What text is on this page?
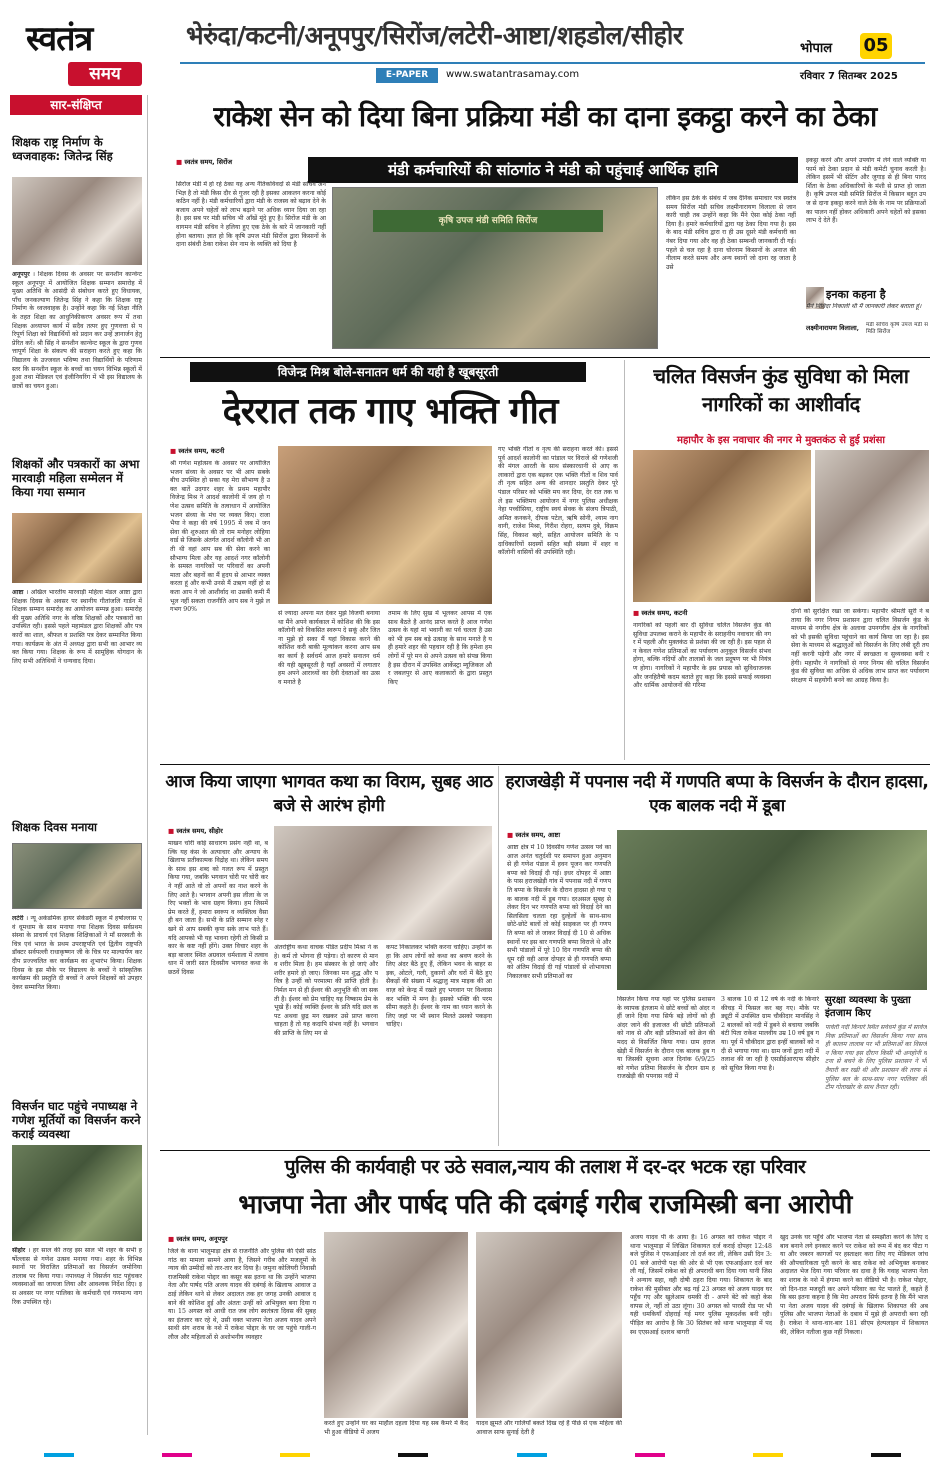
स्वतंत्र
समय
भेरुंदा/कटनी/अनूपपुर/सिरोंज/लटेरी-आष्टा/शहडोल/सीहोर
E-PAPER	www.swatantrasamay.com
भोपाल 05
रविवार 7 सितम्बर 2025
सार-संक्षिप्त
शिक्षक राष्ट्र निर्माण के ध्वजवाहक: जितेन्द्र सिंह
अनूपपुर । शिक्षक दिवस के अवसर पर सनशीन कान्वेन्ट स्कूल अनूपपुर में आयोजित शिक्षक सम्मान समारोह में मुख्य अतिथि के आसंदी से संबोधन करते हुए विधायक, पाँच जनकल्याण जितेन्द्र सिंह ने कहा कि शिक्षक राष्ट्र निर्माण के ध्वजवाहक है। उन्होंने कहा कि नई शिक्षा नीति के तहत शिक्षा का आधुनिकीकरण अवसर रूप में तथा शिक्षक अध्यापन कार्य में सदैव तत्पर हुए गुणवत्ता से परिपूर्ण शिक्षा को विद्यार्थियों को प्रदान कर उन्हें ज्ञानार्जन हेतु प्रेरित करें। श्री सिंह ने सनशीन कान्वेन्ट स्कूल के द्वारा गुणवत्तापूर्ण शिक्षा के संकल्प की सराहना करते हुए कहा कि विद्यालय के उज्जवल भविष्य तथा विद्यार्थियों के परिणाम स्तर कि सनशीन स्कूल के बच्चों का चयन विभिन्न स्कूलों में हुआ तथा मेडिकल एवं इंजीनियरिंग में भी इस विद्यालय के छात्रों का चयन हुआ।
शिक्षकों और पत्रकारों का अभा मारवाड़ी महिला सम्मेलन में किया गया सम्मान
आष्टा । अखिल भारतीय मारवाड़ी महिला मंडल आष्टा द्वारा शिक्षक दिवस के अवसर पर स्थानीय गीतांजलि गार्डन में शिक्षक सम्मान समारोह का आयोजन सम्पन्न हुआ। समारोह की मुख्य अतिथि नगर के वरिष्ठ शिक्षकों और पत्रकारों का उपस्थित रही। इससे पहले महामंडल द्वारा शिक्षकों और पत्रकारों का शाल, श्रीफल व प्रशस्ति पत्र देकर सम्मानित किया गया। कार्यक्रम के अंत में अध्यक्ष द्वारा सभी का आभार व्यक्त किया गया। शिक्षक के रूप में सामूहिक योगदान के लिए सभी अतिथियों ने धन्यवाद दिया।
शिक्षक दिवस मनाया
लटेरी । न्यू अकेडमिक हायर सेकेंडरी स्कूल में हर्षोल्लास एवं धूमधाम के साथ मनाया गया शिक्षक दिवस सर्वप्रथम संस्था के प्राचार्य एवं शिक्षक शिक्षिकाओं ने माँ सरस्वती के चित्र एवं भारत के प्रथम उपराष्ट्रपति एवं द्वितीय राष्ट्रपति डॉक्टर सर्वपल्ली राधाकृष्णन जी के चित्र पर माल्यार्पण कर दीप प्रज्ज्वलित कर कार्यक्रम का शुभारंभ किया। शिक्षक दिवस के इस मौके पर विद्यालय के बच्चों ने सांस्कृतिक कार्यक्रम की प्रस्तुति दी बच्चों ने अपने शिक्षकों को उपहार देकर सम्मानित किया।
विसर्जन घाट पहुंचे नपाध्यक्ष ने गणेश मूर्तियों का विसर्जन करने कराई व्यवस्था
सीहोर । हर साल की तरह इस साल भी शहर के सभी हर्षोल्लास से गणेश उत्सव मनाया गया। शहर के विभिन्न स्थानों पर विराजित प्रतिमाओं का विसर्जन जमोनिया तालाब पर किया गया। नपाध्यक्ष ने विसर्जन घाट पहुंचकर व्यवस्थाओं का जायजा लिया और आवश्यक निर्देश दिए। इस अवसर पर नगर पालिका के कर्मचारी एवं गणमान्य नागरिक उपस्थित रहे।
राकेश सेन को दिया बिना प्रक्रिया मंडी का दाना इकट्ठा करने का ठेका
मंडी कर्मचारियों की सांठगांठ ने मंडी को पहुंचाई आर्थिक हानि
■ स्वतंत्र समय, सिरोंज
सिरोंज मंडी में हो रहे ठेका यह अन्य नैतिकविवदों से मंडी सचिव अनभिज्ञ है तो मंडी किस दौर से गुजर रही है इसका आकलन करना कोई कठिन नहीं है। मंडी कर्मचारियों द्वारा मंडी के राजस्व को बढ़ाव देने के बजाय अपने चहेतों को लाभ बढ़ाने पर अधिक ध्यान दिया जा रहा है। इस सब पर मंडी सचिव भी आँखें मूंदे हुए है। सिरोंज मंडी के आवागमन मंडी सचिव ने हलिया हुए एक ठेके के बारे में जानकारी नहीं होना बताया। ज्ञात हो कि कृषि उपज मंडी सिरोंज द्वारा किसानों के दाना संबंधी ठेका राकेश सेन नाम के व्यक्ति को दिया है
कृषि उपज मंडी समिति सिरोंज
लेकिन इस ठेके के संबंध में जब दैनिक समाचार पत्र स्वतंत्र समय सिरोंज मंडी सचिव लक्ष्मीनारायण विलाला से जानकारी चाही तब उन्होंने कहा कि मैंने ऐसा कोई ठेका नहीं दिया है। हमारे कर्मचारियों द्वारा यह ठेका दिया गया है। इसके बाद मंडी सचिव द्वारा रा ही उस दूसरे मंडी कर्मचारी का नंबर दिया गया और वह ही ठेका सम्बन्धी जानकारी दी गई। पहले से चल रहा है दाना चोरनाम किसानों के अनाज की नीलाम करते समय और अन्य स्थानों जो दाना रह जाता है उसे
इकट्ठा करने और अपने उपयोग में लेने वाले व्यक्ति या फार्म को ठेका प्रदान से मंडी कमेटी चुनाव करती है। लेकिन इसमें भी सेटिंग और जुगाड़ से ही बिना पारदर्शिता के ठेका अधिकारियों के मंशी से प्राप्त हो जाता है। कृषि उपज मंडी समिति सिरोंज में किसान बहुत उपज से दाना इकट्ठा करने वाले ठेके के नाम पर प्रक्रियाओं का पालन नहीं होकर अधिकारी अपने चहेतों को इसका लाभ दे देते हैं।
इनका कहना है
मैंने निविदा निकाली थी मैं जानकारी लेकर बताता हूं।
लक्ष्मीनारायण विलाला, मंडी सचिव कृषि उपज मंडी समिति सिरोंज
विजेन्द्र मिश्र बोले-सनातन धर्म की यही है खूबसूरती
देररात तक गाए भक्ति गीत
■ स्वतंत्र समय, कटनी
श्री गणेश महोत्सव के अवसर पर आयोजित भजन संध्या के अवसर पर भी आप सबके बीच उपस्थित हो सका यह मेरा सौभाग्य है उक्त बातें उदगार शहर के प्रथम महापौर विजेन्द्र मिश्र ने आदर्श कालोनी में जय हो गणेश उत्सव समिति के तत्वाधान में आयोजित भजन संध्या के मंच पर व्यक्त किए। राजा भैया ने कहा की वर्ष 1995 में जब में जनसेवा की शुरुआत की तो राम मनोहर लोहिया वार्ड से जिसके अंतर्गत आदर्श कॉलोनी भी आती थी वहां आप सब की सेवा करने का सौभाग्य मिला और यह आदर्श नगर कॉलोनी के समस्त नागरिकों पर परिवारों का अपनी माता और बहनों का मैं हृदय से आभार व्यक्त करता हूं और कभी उनसे मैं उऋण नहीं हो सकता आप ने जो आशीर्वाद था उसकी कमी मैं भूल नहीं सकता राजनीति आप सब ने मुझे लगभग 90%
से ज्यादा अपना मत देकर मुझे विजयी बनाया था मैंने अपने कार्यकाल में कोशिश की कि इस कॉलोनी को विकसित स्वरूप दे सकूं और जितना मुझे हो सका मैं यहां विकास करने की कोशिश करी बाकी मूल्यांकन करना आप सबका कार्य है सर्वधर्म आज हमारे सनातन धर्म की यही खूबसूरती है यहाँ अवसरों में लगातार हम अपने आराध्यों का देवी देवताओं का उत्सव मनाते है
तमाम के लिए सुख में भूलकर आपस में एक साथ बैठते है आनंद प्राप्त करते है आज गणेश उत्सव के यहां मां भवानी का पर्व चलता है उसको भी हम सब बड़े उत्साह के साथ मनाते है यही हमारे शहर की पहचान रही है कि हमेशा हम लोगों में पूरे मन से अपने उत्सव को संपन्न किया है इस दौरान में उपस्थित आर्केस्ट्रा म्यूजिकल और जबलपुर से आए कलाकारों के द्वारा प्रस्तुत किए
गए भक्ति गीतों व नृत्य की सराहना करते की। इससे पूर्व आदर्श कालोनी का पांडाल पर विराजे श्री गणेशजी की मंगल आरती के साथ संस्कारधानी से आए कलाकारों द्वारा एक बढ़कर एक भक्ति गीतों व शिव पार्वती नृत्य सहित अन्य की शानदार प्रस्तुति देकर पूरे पंडाल परिसर को भक्ति मय कर दिया, देर रात तक चले इस भक्तिमय आयोजन में नगर पुलिस अधीक्षक नेहा पच्चीसिया, राष्ट्रीय स्वयं सेवक के संजय त्रिपाठी, अमित कनकने, दीपक पटेल, ऋषि सोनी, श्याम नागवानी, राजेश मिश्रा, गिरीश रोहरा, सत्यम दुबे, विक्रम सिंह, विकाश बहरे, सहित आयोजन समिति के पदाधिकारियों सदस्यों सहित बड़ी संख्या में शहर व कॉलोनी वासियों की उपस्थिति रही।
चलित विसर्जन कुंड सुविधा को मिला नागरिकों का आशीर्वाद
महापौर के इस नवाचार की नगर मे मुक्तकंठ से हुई प्रशंसा
■ स्वतंत्र समय, कटनी
नागरिकों को पहली बार दी सुविधा चलित विसर्जन कुंड की सुविधा उपलब्ध कराने के महापौर के सराहनीय नवाचार की नगर में पहली और मुक्तकंठ से प्रशंसा की जा रही है। इस पहल से न केवल गणेश प्रतिमाओं का पर्यावरण अनुकूल विसर्जन संभव होगा, बल्कि नदियों और तालाबों के जल प्रदूषण पर भी नियंत्रण होगा। नागरिकों ने महापौर के इस प्रयास को सुविधाजनक और जनहितैषी कदम बताते हुए कहा कि इससे सफाई व्यवस्था और धार्मिक आयोजनों की गरिमा
दोनों को सुरक्षित रखा जा सकेगा। महापौर श्रीमती सूरी ने बताया कि नगर निगम प्रशासन द्वारा चलित विसर्जन कुंड के माध्यम से नगरीय क्षेत्र के अलावा उपनगरीय क्षेत्र के नागरिकों को भी इसकी सुविधा पहुंचाने का कार्य किया जा रहा है। इस सेवा के माध्यम से श्रद्धालुओं को विसर्जन के लिए लंबी दूरी तय नहीं करनी पड़ेगी और नगर में स्वच्छता व सुव्यवस्था बनी रहेगी। महापौर ने नागरिकों से नगर निगम की चलित विसर्जन कुंड की सुविधा का अधिक से अधिक लाभ प्राप्त कर पर्यावरण संरक्षण में सहयोगी बनने का आग्रह किया है।
आज किया जाएगा भागवत कथा का विराम, सुबह आठ बजे से आरंभ होगी
■ स्वतंत्र समय, सीहोर
माखन चोरी कोई साधारण प्रसंग नहीं था, बल्कि यह कंस के अत्याचार और अन्याय के खिलाफ प्रतीकात्मक विद्रोह था। लेकिन समय के साथ इस शब्द को गलत रूप में प्रस्तुत किया गया, जबकि भगवान चोरी पर चोरी करने नहीं आते वो तो अपनों का नाश करने के लिए आते है। भगवान अपनी इस लीला के जरिए भक्तों के भाव ग्रहण किया। हम जिसमें प्रेम करते हैं, हमारा स्वरूप व व्यक्तित्व वैसा ही बन जाता है। सभी के प्रति सम्मान स्नेह रखने से आप सबकी कृपा सके लाभ पाते हैं। यदि आपको भी यह भावना रहेगी तो किसी प्रकार के कष्ट नहीं होंगे। उक्त विचार शहर के बड़ा बाजार स्थित अग्रवाल धर्मशाला में तत्वावधान में जारी सात दिवसीय भागवत कथा के छठवें दिवस
अंतर्राष्ट्रीय कथा वाचक पंडित प्रदीप मिश्रा ने कहे। कर्म तो भोगना ही पड़ेगा। दो कारण से मानव शरीर मिला है। हम संस्कार के हो जाएं और शरीर हमारे हो जाए। जिनका मन शुद्ध और पवित्र है उन्हीं को परमात्मा की प्राप्ति होती है। निर्मल मन से ही ईश्वर की अनुभूति की जा सकती है। ईश्वर को प्रेम चाहिए यह निष्काम प्रेम के भूखे हैं। कोई व्यक्ति ईश्वर के प्रति यदि छल कपट अथवा छुद्र मन रखकर उसे प्राप्त करना चाहता है तो यह कदापि संभव नहीं है। भगवान की प्राप्ति के लिए मन से
कपट निकालकर भक्ति करना चाहिए। उन्होंने कहा कि आप लोगों को कथा का श्रवण करने के लिए अंदर बैठे हुए हैं, लेकिन भवन के बाहर सड़क, ओटले, गली, दुकानों और घरों में बैठे हुए सैकड़ों की संख्या में श्रद्धालु मात्र माइक की आवाज़ को केन्द्र में रखते हुए भगवान पर विश्वास कर भक्ति में मग्न है। इसको भक्ति की परम सीमा कहते है। ईश्वर के नाम का ध्यान करने के लिए जहां पर भी स्थान मिलते उसको पकड़ना चाहिए।
हराजखेड़ी में पपनास नदी में गणपति बप्पा के विसर्जन के दौरान हादसा, एक बालक नदी में डूबा
■ स्वतंत्र समय, आष्टा
आष्टा क्षेत्र में 10 दिवसीय गणेश उत्सव पर्व का आज अनंत चतुर्दशी पर समापन हुआ अनुमान से ही गणेश पंडाल में हवन पूजन कर गणपति बप्पा को विदाई दी गई। इधर दोपहर में आष्टा के पास हराजखेड़ी गांव में पपनास नदी में गणपति बप्पा के विसर्जन के दौरान हादसा हो गया एक बालक नदी में डूब गया। दरअसल सुबह से लेकर दिन भर गणपति बप्पा को विदाई देने का सिलसिला चलता रहा दुल्हेलों के साथ-साथ छोटे-छोटे बालों तो कोई साइकल पर ही गणपति बप्पा को ले जाकर विदाई दी 10 से अधिक स्थानों पर इस बार गणपति बप्पा विराजे थे और सभी पांडालों में पूरे 10 दिन गणपति बप्पा की धूम रही वही आज दोपहर से ही गणपति बप्पा को अंतिम विदाई दी गई पांडालों से शोभायात्रा निकालकर सभी प्रतिमाओं का
विसर्जन किया गया यहां पर पुलिस प्रशासन के व्यापक इंतजाम थे छोटे बच्चों को अंदर नहीं जाने दिया गया सिर्फ बड़े लोगों को ही अंदर जाने की इजाजत थी छोटी प्रतिमाओं को नाव से और बड़ी प्रतिमाओं को क्रेन की मदद से विसर्जित किया गया। ग्राम हराजखेड़ी में विसर्जन के दौरान एक बालक डूब गया जिसकी सूचना आज दिनांक 6/9/25 को गणेश प्रतिमा विसर्जन के दौरान ग्राम हराजखेड़ी की पपनास नदी में
3 बालक 10 से 12 वर्ष के नदी के किनारे कीचड़ में फिसल कर बह गए। मौके पर ड्यूटी में उपस्थित ग्राम चौकीदार मानसिंह ने 2 बालकों को नदी में डूबने से बचाया जबकि बंटी पिता राकेश मालवीय उम्र 10 वर्ष डूब गया। पूर्व में चौकीदार द्वारा इन्हीं बालकों को नदी से भगाया गया था। ग्राम जनों द्वारा नदी में तलाश की जा रही है एसडीईआरएफ सीहोर को सूचित किया गया है।
सुरक्षा व्यवस्था के पुख्ता इंतजाम किए
पार्वती नदी किनारे स्थित सर्वधर्म कुंड में सार्वजनिक प्रतिमाओं का विसर्जन किया गया साथ ही कालम तालाब पर भी प्रतिमाओं का विसर्जन किया गया इस दौरान किसी भी अनहोनी घटना से बचने के लिए पुलिस प्रशासन ने भी तैयारी कर रखी थी और प्रशासन की तरफ से पुलिस बल के साथ-साथ नगर पालिका की टीम गोताखोर के साथ तैनात रही।
पुलिस की कार्यवाही पर उठे सवाल,न्याय की तलाश में दर-दर भटक रहा परिवार
भाजपा नेता और पार्षद पति की दबंगई गरीब राजमिस्त्री बना आरोपी
■ स्वतंत्र समय, अनूपपुर
जिले के थाना भालूमाड़ा क्षेत्र से राजनीति और पुलिस की ऐसी सांठगांठ का मामला सामने आया है, जिसने गरीब और मजलूमों के न्याय की उम्मीदों को तार-तार कर दिया है। जमुना कोलियरी निवासी राजमिस्त्री राकेश पोद्दार का कसूर बस इतना था कि उन्होंने भाजपा नेता और पार्षद पति अजय यादव की दबंगई के खिलाफ आवाज उठाई लेकिन थाने से लेकर अदालत तक हर जगह उनकी आवाज दबाने की कोशिश हुई और अंततः उन्हीं को अभियुक्त बना दिया गया। 15 अगस्त को आधी रात जब लोग स्वतंत्रता दिवस की सुबह का इंतजार कर रहे थे, उसी वक्त भाजपा नेता अजय यादव अपने साथी संग शराब के नशे में राकेश पोद्दार के घर जा पहुंचे गाली-गलौज और महिलाओं से अशोभनीय व्यवहार
करते हुए उन्होंने घर का माहौल दहला दिया यह सब कैमरे में कैद भी हुआ वीडियो में अजय
यादव झूमते और गालियाँ बकते दिख रहे हैं पीछे से एक महिला की आवाज साफ सुनाई देती है
अजय यादव पी के आया है। 16 अगस्त को राकेश पोद्दार ने थाना भालूमाड़ा में लिखित शिकायत दर्ज कराई दोपहर 12:48 बजे पुलिस ने एफआईआर तो दर्ज कर ली, लेकिन उसी दिन 3:01 बजे आरोपी पक्ष की ओर से भी एक एफआईआर दर्ज कर ली गई, जिसमें राकेश को ही अपराधी बना दिया गया यानी जिसने अन्याय सहा, वही दोषी ठहरा दिया गया। शिकायत के बाद राकेश की मुसीबत और बढ़ गई 23 अगस्त को अजय यादव घर पहुँच गए और खुलेआम धमकी दी - अपने बेटे को कहो केस वापस ले, नहीं तो उठा लूंगा। 30 अगस्त को पारसी रोड पर भी यही धमकियाँ दोहराई गई मगर पुलिस मूकदर्शक बनी रही। पीड़ित का आरोप है कि 30 सितंबर को थाना भालूमाड़ा में पदस्थ एएसआई दशरथ बागरी
खुद उनके घर पहुँचे और भाजपा नेता से समझौता करने के लिए दबाव बनाने लगे इनकार करने पर राकेश को रूम में बंद कर पीटा गया और जबरन कागजों पर हस्ताक्षर करा लिए गए मेडिकल जांच की औपचारिकता पूरी करने के बाद राकेश को अभियुक्त बनाकर अदालत भेज दिया गया परिवार का दावा है कि गवाह भाजपा नेता का शराब के नशे में हंगामा करने का वीडियो भी है। राकेश पोद्दार, जो दिन-रात मजदूरी कर अपने परिवार का पेट पालते हैं, कहते हैं कि बस इतना कहना है कि मेरा अपराध सिर्फ इतना है कि मैंने भाजपा नेता अजय यादव की दबंगई के खिलाफ शिकायत की अब पुलिस और भाजपा नेताओं के दबाव में मुझे ही अपराधी बना रही है। राकेश ने थाना-चार-बार 181 सीएम हेल्पलाइन में शिकायत की, लेकिन नतीजा कुछ नहीं निकला।
